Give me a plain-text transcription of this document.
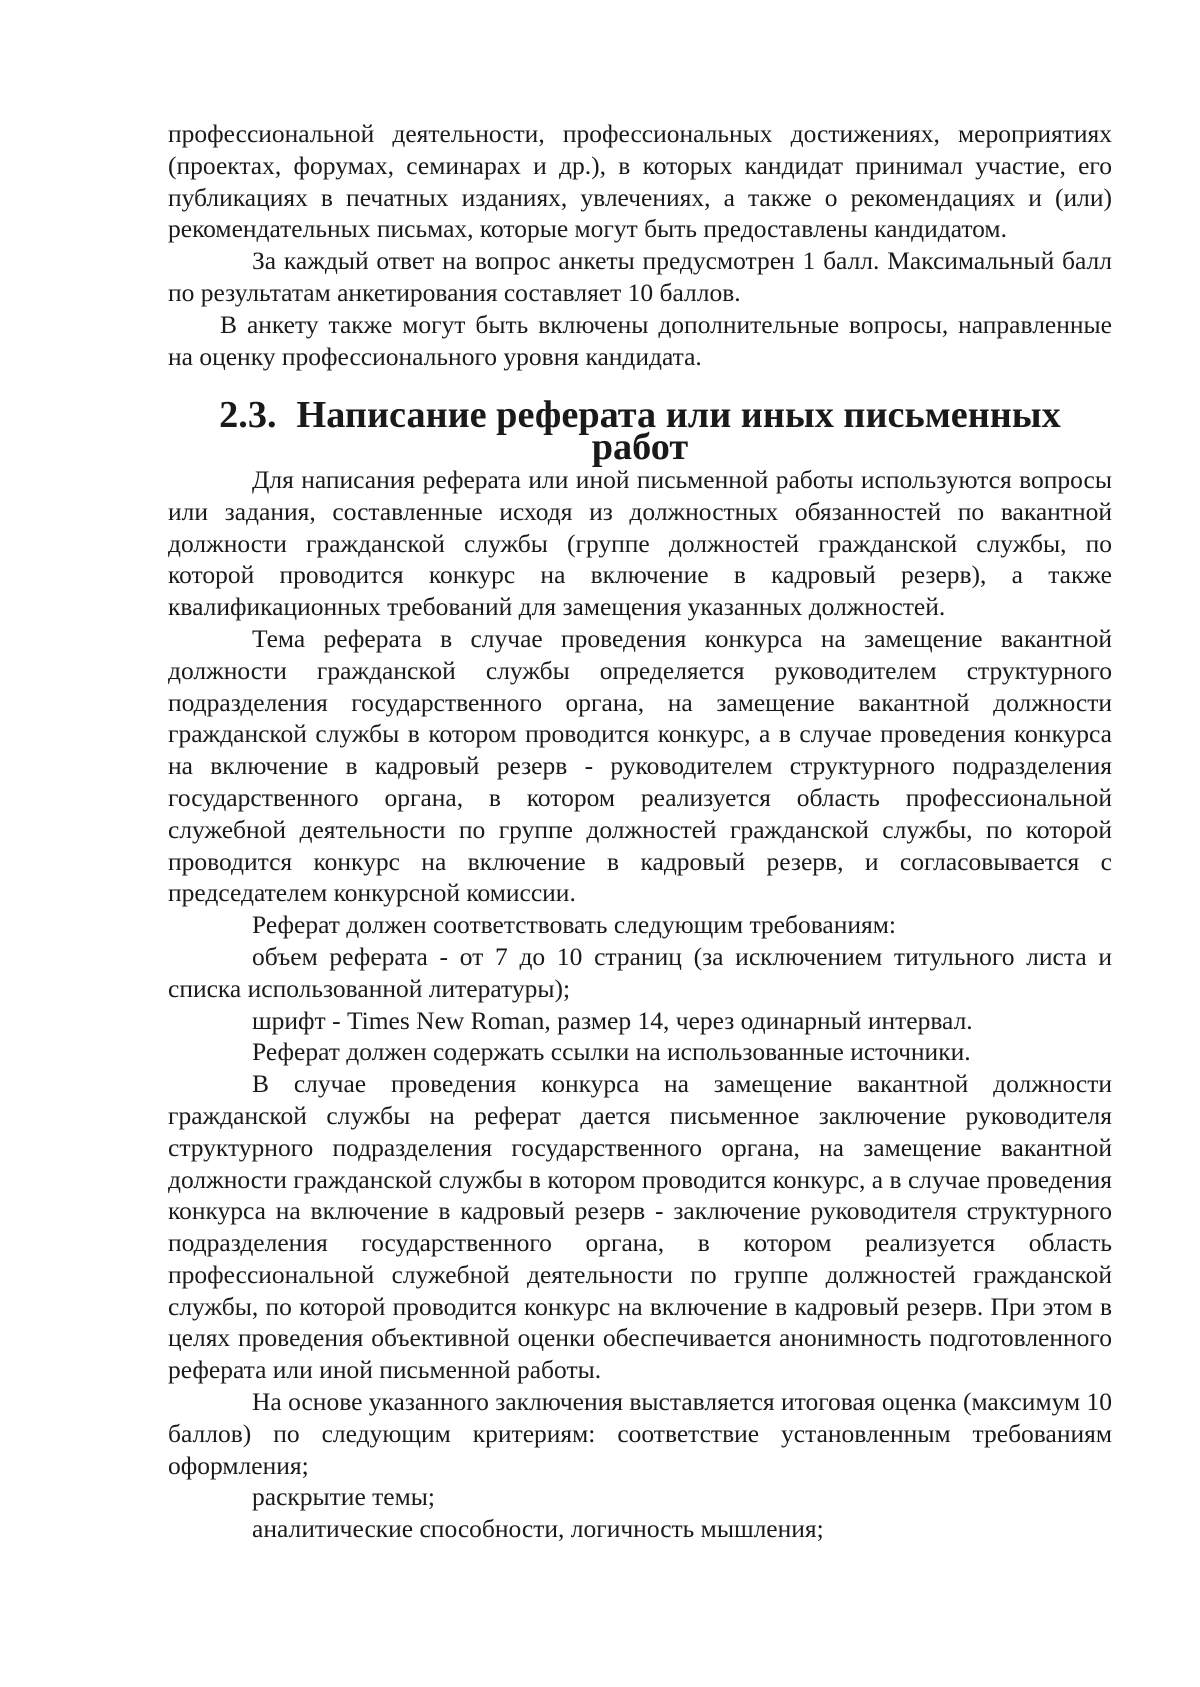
профессиональной деятельности, профессиональных достижениях, мероприятиях (проектах, форумах, семинарах и др.), в которых кандидат принимал участие, его публикациях в печатных изданиях, увлечениях, а также о рекомендациях и (или) рекомендательных письмах, которые могут быть предоставлены кандидатом.

За каждый ответ на вопрос анкеты предусмотрен 1 балл. Максимальный балл по результатам анкетирования составляет 10 баллов.

В анкету также могут быть включены дополнительные вопросы, направленные на оценку профессионального уровня кандидата.

2.3. Написание реферата или иных письменных работ

Для написания реферата или иной письменной работы используются вопросы или задания, составленные исходя из должностных обязанностей по вакантной должности гражданской службы (группе должностей гражданской службы, по которой проводится конкурс на включение в кадровый резерв), а также квалификационных требований для замещения указанных должностей.

Тема реферата в случае проведения конкурса на замещение вакантной должности гражданской службы определяется руководителем структурного подразделения государственного органа, на замещение вакантной должности гражданской службы в котором проводится конкурс, а в случае проведения конкурса на включение в кадровый резерв - руководителем структурного подразделения государственного органа, в котором реализуется область профессиональной служебной деятельности по группе должностей гражданской службы, по которой проводится конкурс на включение в кадровый резерв, и согласовывается с председателем конкурсной комиссии.

Реферат должен соответствовать следующим требованиям:

объем реферата - от 7 до 10 страниц (за исключением титульного листа и списка использованной литературы);

шрифт - Times New Roman, размер 14, через одинарный интервал.

Реферат должен содержать ссылки на использованные источники.

В случае проведения конкурса на замещение вакантной должности гражданской службы на реферат дается письменное заключение руководителя структурного подразделения государственного органа, на замещение вакантной должности гражданской службы в котором проводится конкурс, а в случае проведения конкурса на включение в кадровый резерв - заключение руководителя структурного подразделения государственного органа, в котором реализуется область профессиональной служебной деятельности по группе должностей гражданской службы, по которой проводится конкурс на включение в кадровый резерв. При этом в целях проведения объективной оценки обеспечивается анонимность подготовленного реферата или иной письменной работы.

На основе указанного заключения выставляется итоговая оценка (максимум 10 баллов) по следующим критериям: соответствие установленным требованиям оформления;

раскрытие темы;

аналитические способности, логичность мышления;
